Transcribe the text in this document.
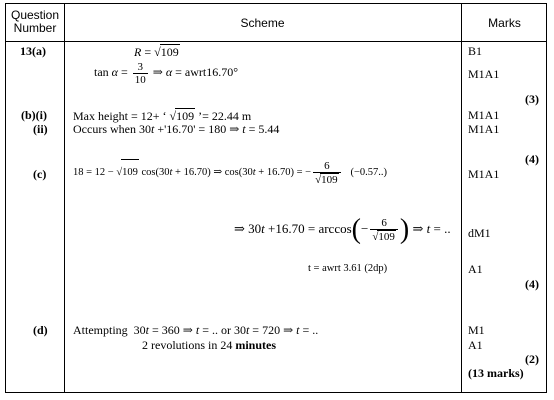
Question Number	Scheme	Marks
13(a)	R = √109	B1
$\tan \alpha = \frac{3}{10}$ ⇒ α = awrt16.70°	M1A1
(3)
(b)(i) Max height = 12+ ‘ √109 ’= 22.44 m	M1A1
(ii) Occurs when 30t +'16.70' = 180 ⇒ t = 5.44	M1A1
(4)
(c)	18 = 12 − √109 cos(30t + 16.70) ⇒ cos(30t + 16.70) = − $\frac{6}{√109} (-0.57..)$	M1A1
⇒ $30t +16.70 = \arccos(- \frac{6}{√109}$ ) ⇒ t = .. dM1
t = awrt 3.61 (2dp)	A1
(4)
(d) Attempting  30t = 360 ⇒ t = .. or 30t = 720 ⇒ t = ..	M1
2 revolutions in 24 minutes	A1
(2)
(13 marks)
